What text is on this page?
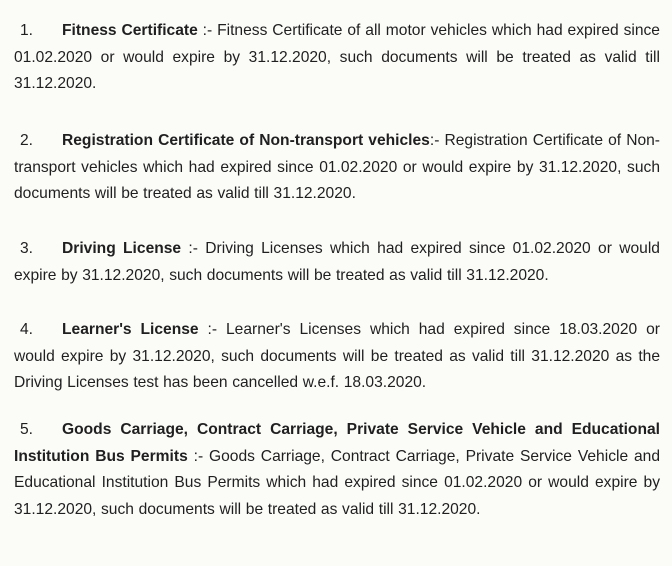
1. Fitness Certificate :- Fitness Certificate of all motor vehicles which had expired since 01.02.2020 or would expire by 31.12.2020, such documents will be treated as valid till 31.12.2020.
2. Registration Certificate of Non-transport vehicles:- Registration Certificate of Non-transport vehicles which had expired since 01.02.2020 or would expire by 31.12.2020, such documents will be treated as valid till 31.12.2020.
3. Driving License :- Driving Licenses which had expired since 01.02.2020 or would expire by 31.12.2020, such documents will be treated as valid till 31.12.2020.
4. Learner's License :- Learner's Licenses which had expired since 18.03.2020 or would expire by 31.12.2020, such documents will be treated as valid till 31.12.2020 as the Driving Licenses test has been cancelled w.e.f. 18.03.2020.
5. Goods Carriage, Contract Carriage, Private Service Vehicle and Educational Institution Bus Permits :- Goods Carriage, Contract Carriage, Private Service Vehicle and Educational Institution Bus Permits which had expired since 01.02.2020 or would expire by 31.12.2020, such documents will be treated as valid till 31.12.2020.
